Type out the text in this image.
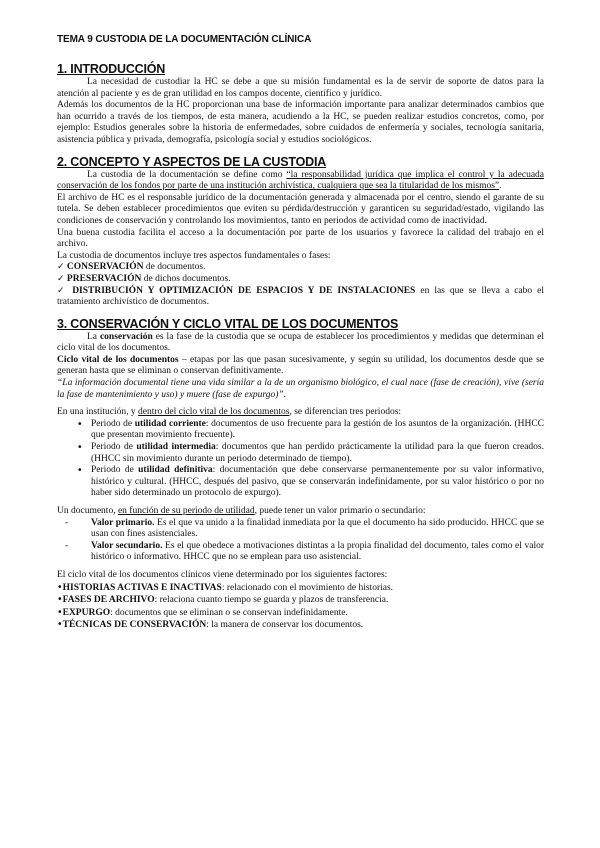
TEMA 9 CUSTODIA DE LA DOCUMENTACIÓN CLÍNICA
1. INTRODUCCIÓN

La necesidad de custodiar la HC se debe a que su misión fundamental es la de servir de soporte de datos para la atención al paciente y es de gran utilidad en los campos docente, científico y jurídico.

Además los documentos de la HC proporcionan una base de información importante para analizar determinados cambios que han ocurrido a través de los tiempos, de esta manera, acudiendo a la HC, se pueden realizar estudios concretos, como, por ejemplo: Estudios generales sobre la historia de enfermedades, sobre cuidados de enfermería y sociales, tecnología sanitaria, asistencia pública y privada, demografía, psicología social y estudios sociológicos.

2. CONCEPTO Y ASPECTOS DE LA CUSTODIA

La custodia de la documentación se define como “la responsabilidad jurídica que implica el control y la adecuada conservación de los fondos por parte de una institución archivística, cualquiera que sea la titularidad de los mismos”.

El archivo de HC es el responsable jurídico de la documentación generada y almacenada por el centro, siendo el garante de su tutela. Se deben establecer procedimientos que eviten su pérdida/destrucción y garanticen su seguridad/estado, vigilando las condiciones de conservación y controlando los movimientos, tanto en periodos de actividad como de inactividad.

Una buena custodia facilita el acceso a la documentación por parte de los usuarios y favorece la calidad del trabajo en el archivo.

La custodia de documentos incluye tres aspectos fundamentales o fases:

✓ CONSERVACIÓN de documentos.

✓ PRESERVACIÓN de dichos documentos.

✓ DISTRIBUCIÓN Y OPTIMIZACIÓN DE ESPACIOS Y DE INSTALACIONES en las que se lleva a cabo el tratamiento archivístico de documentos.

3. CONSERVACIÓN Y CICLO VITAL DE LOS DOCUMENTOS

La conservación es la fase de la custodia que se ocupa de establecer los procedimientos y medidas que determinan el ciclo vital de los documentos.

Ciclo vital de los documentos – etapas por las que pasan sucesivamente, y según su utilidad, los documentos desde que se generan hasta que se eliminan o conservan definitivamente.

“La información documental tiene una vida similar a la de un organismo biológico, el cual nace (fase de creación), vive (sería la fase de mantenimiento y uso) y muere (fase de expurgo)”.

En una institución, y dentro del ciclo vital de los documentos, se diferencian tres periodos:

• Periodo de utilidad corriente: documentos de uso frecuente para la gestión de los asuntos de la organización. (HHCC que presentan movimiento frecuente).
• Periodo de utilidad intermedia: documentos que han perdido prácticamente la utilidad para la que fueron creados. (HHCC sin movimiento durante un periodo determinado de tiempo).
• Periodo de utilidad definitiva: documentación que debe conservarse permanentemente por su valor informativo, histórico y cultural. (HHCC, después del pasivo, que se conservarán indefinidamente, por su valor histórico o por no haber sido determinado un protocolo de expurgo).

Un documento, en función de su periodo de utilidad, puede tener un valor primario o secundario:

- Valor primario. Es el que va unido a la finalidad inmediata por la que el documento ha sido producido. HHCC que se usan con fines asistenciales.
- Valor secundario. Es el que obedece a motivaciones distintas a la propia finalidad del documento, tales como el valor histórico o informativo. HHCC que no se emplean para uso asistencial.

El ciclo vital de los documentos clínicos viene determinado por los siguientes factores:

• HISTORIAS ACTIVAS E INACTIVAS: relacionado con el movimiento de historias.

• FASES DE ARCHIVO: relaciona cuanto tiempo se guarda y plazos de transferencia.

• EXPURGO: documentos que se eliminan o se conservan indefinidamente.

• TÉCNICAS DE CONSERVACIÓN: la manera de conservar los documentos.
